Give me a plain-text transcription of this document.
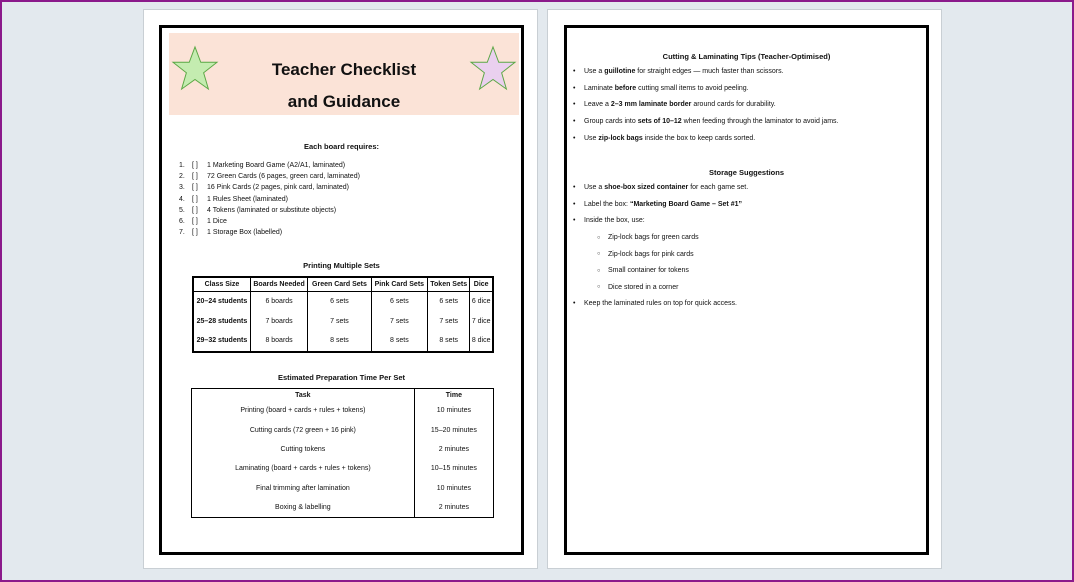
Teacher Checklist
and Guidance
Each board requires:
1.	[ ]	1 Marketing Board Game (A2/A1, laminated)
2.	[ ]	72 Green Cards (6 pages, green card, laminated)
3.	[ ]	16 Pink Cards (2 pages, pink card, laminated)
4.	[ ]	1 Rules Sheet (laminated)
5.	[ ]	4 Tokens (laminated or substitute objects)
6.	[ ]	1 Dice
7.	[ ]	1 Storage Box (labelled)
Printing Multiple Sets
Class Size	Boards Needed	Green Card Sets	Pink Card Sets	Token Sets	Dice
20–24 students	6 boards	6 sets	6 sets	6 sets	6 dice
25–28 students	7 boards	7 sets	7 sets	7 sets	7 dice
29–32 students	8 boards	8 sets	8 sets	8 sets	8 dice
Estimated Preparation Time Per Set
Task	Time
Printing (board + cards + rules + tokens)	10 minutes
Cutting cards (72 green + 16 pink)	15–20 minutes
Cutting tokens	2 minutes
Laminating (board + cards + rules + tokens)	10–15 minutes
Final trimming after lamination	10 minutes
Boxing & labelling	2 minutes
Cutting & Laminating Tips (Teacher-Optimised)
• Use a guillotine for straight edges — much faster than scissors.
• Laminate before cutting small items to avoid peeling.
• Leave a 2–3 mm laminate border around cards for durability.
• Group cards into sets of 10–12 when feeding through the laminator to avoid jams.
• Use zip-lock bags inside the box to keep cards sorted.
Storage Suggestions
• Use a shoe-box sized container for each game set.
• Label the box: “Marketing Board Game – Set #1”
• Inside the box, use:
• Keep the laminated rules on top for quick access.
○ Zip-lock bags for green cards
○ Zip-lock bags for pink cards
○ Small container for tokens
○ Dice stored in a corner
